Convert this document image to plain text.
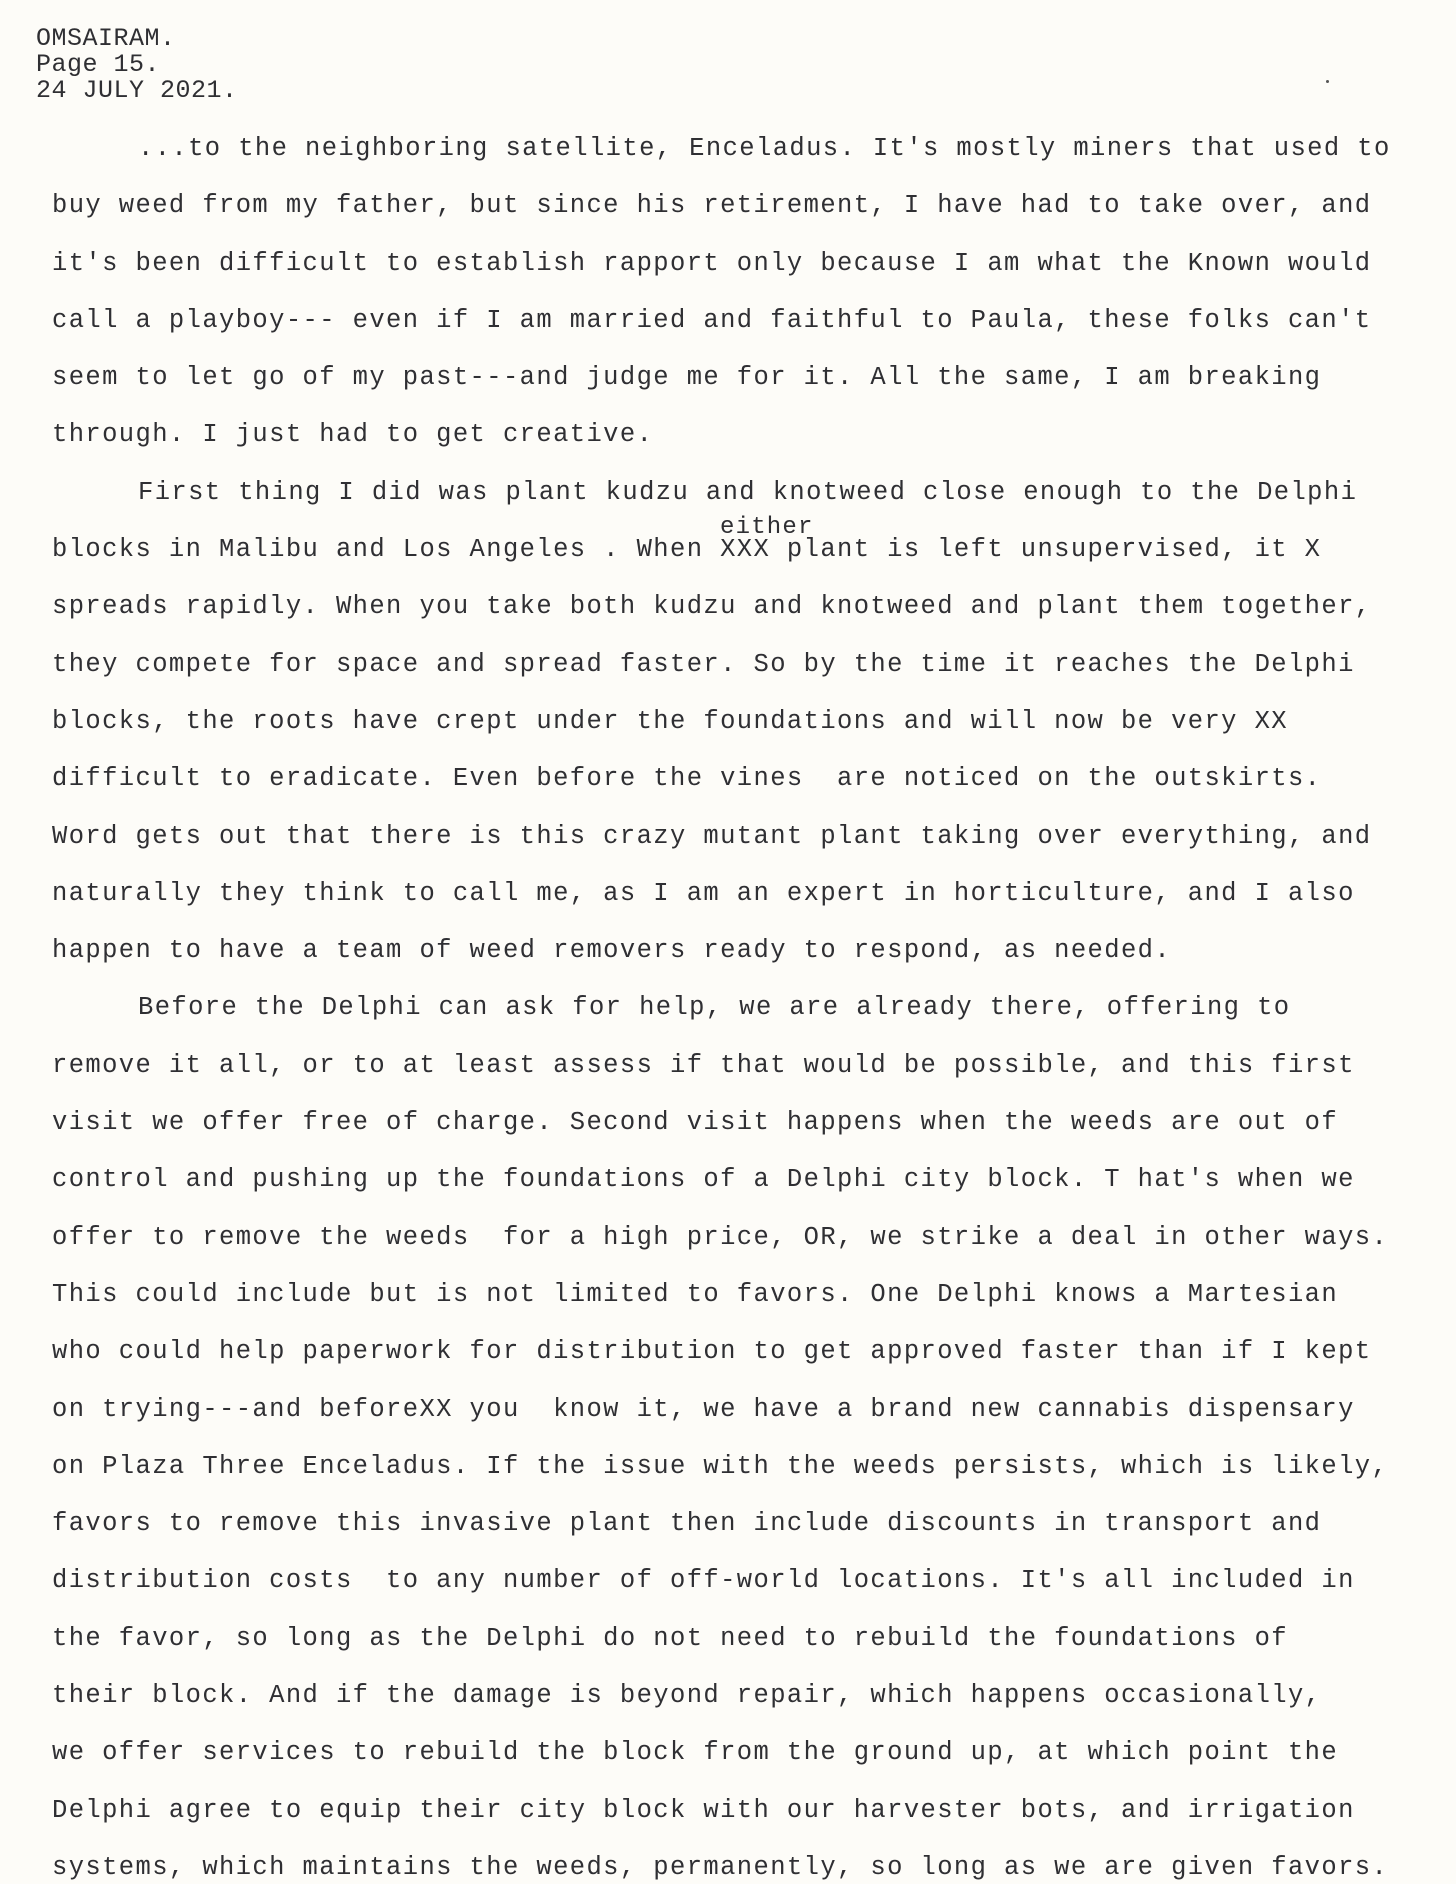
OMSAIRAM.
Page 15.
24 JULY 2021.
either
...to the neighboring satellite, Enceladus. It's mostly miners that used to
buy weed from my father, but since his retirement, I have had to take over, and
it's been difficult to establish rapport only because I am what the Known would
call a playboy--- even if I am married and faithful to Paula, these folks can't
seem to let go of my past---and judge me for it. All the same, I am breaking
through. I just had to get creative.
First thing I did was plant kudzu and knotweed close enough to the Delphi
blocks in Malibu and Los Angeles . When XXX plant is left unsupervised, it X
spreads rapidly. When you take both kudzu and knotweed and plant them together,
they compete for space and spread faster. So by the time it reaches the Delphi
blocks, the roots have crept under the foundations and will now be very XX
difficult to eradicate. Even before the vines  are noticed on the outskirts.
Word gets out that there is this crazy mutant plant taking over everything, and
naturally they think to call me, as I am an expert in horticulture, and I also
happen to have a team of weed removers ready to respond, as needed.
Before the Delphi can ask for help, we are already there, offering to
remove it all, or to at least assess if that would be possible, and this first
visit we offer free of charge. Second visit happens when the weeds are out of
control and pushing up the foundations of a Delphi city block. T hat's when we
offer to remove the weeds  for a high price, OR, we strike a deal in other ways.
This could include but is not limited to favors. One Delphi knows a Martesian
who could help paperwork for distribution to get approved faster than if I kept
on trying---and beforeXX you  know it, we have a brand new cannabis dispensary
on Plaza Three Enceladus. If the issue with the weeds persists, which is likely,
favors to remove this invasive plant then include discounts in transport and
distribution costs  to any number of off-world locations. It's all included in
the favor, so long as the Delphi do not need to rebuild the foundations of
their block. And if the damage is beyond repair, which happens occasionally,
we offer services to rebuild the block from the ground up, at which point the
Delphi agree to equip their city block with our harvester bots, and irrigation
systems, which maintains the weeds, permanently, so long as we are given favors.
